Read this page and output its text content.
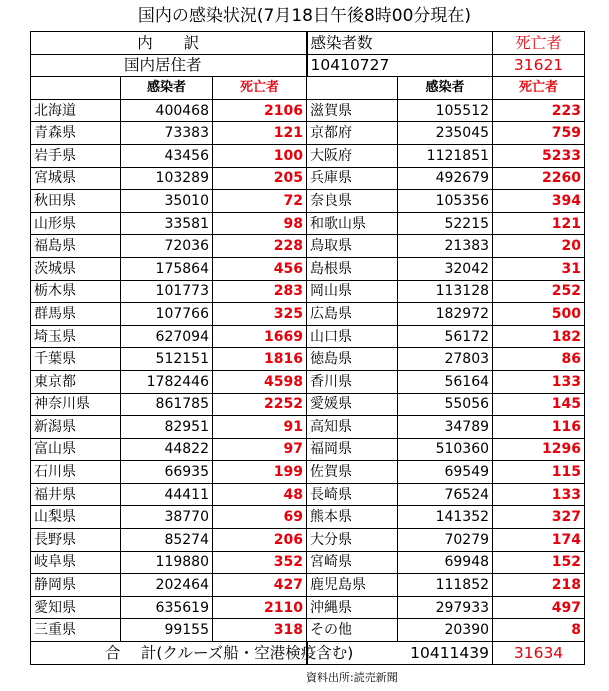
国内の感染状況(7月18日午後8時00分現在)
内　　訳			感染者数		死亡者
国内居住者			10410727		31621
	感染者	死亡者		感染者	死亡者
北海道	400468	2106	滋賀県	105512	223
青森県	73383	121	京都府	235045	759
岩手県	43456	100	大阪府	1121851	5233
宮城県	103289	205	兵庫県	492679	2260
秋田県	35010	72	奈良県	105356	394
山形県	33581	98	和歌山県	52215	121
福島県	72036	228	鳥取県	21383	20
茨城県	175864	456	島根県	32042	31
栃木県	101773	283	岡山県	113128	252
群馬県	107766	325	広島県	182972	500
埼玉県	627094	1669	山口県	56172	182
千葉県	512151	1816	徳島県	27803	86
東京都	1782446	4598	香川県	56164	133
神奈川県	861785	2252	愛媛県	55056	145
新潟県	82951	91	高知県	34789	116
富山県	44822	97	福岡県	510360	1296
石川県	66935	199	佐賀県	69549	115
福井県	44411	48	長崎県	76524	133
山梨県	38770	69	熊本県	141352	327
長野県	85274	206	大分県	70279	174
岐阜県	119880	352	宮崎県	69948	152
静岡県	202464	427	鹿児島県	111852	218
愛知県	635619	2110	沖縄県	297933	497
三重県	99155	318	その他	20390	8
合　 計(クルーズ船・空港検疫含む)			10411439		31634
資料出所:読売新聞
